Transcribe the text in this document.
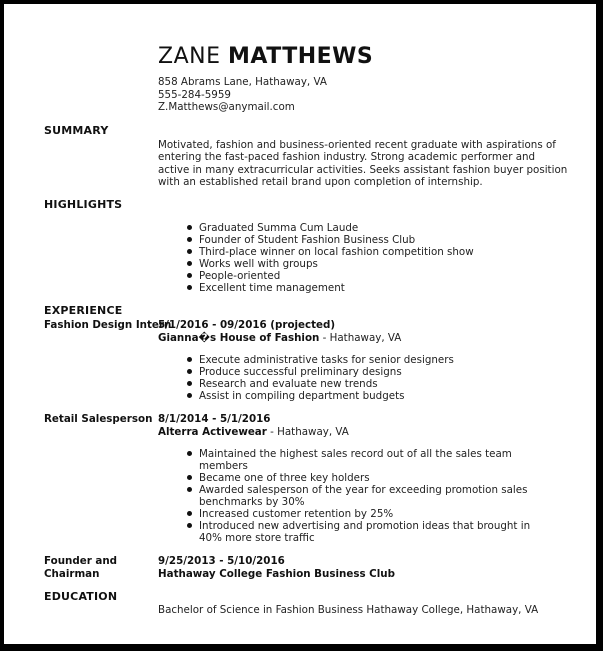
ZANE MATTHEWS
858 Abrams Lane, Hathaway, VA
555-284-5959
Z.Matthews@anymail.com
SUMMARY
Motivated, fashion and business-oriented recent graduate with aspirations of entering the fast-paced fashion industry. Strong academic performer and active in many extracurricular activities. Seeks assistant fashion buyer position with an established retail brand upon completion of internship.
HIGHLIGHTS
Graduated Summa Cum Laude
Founder of Student Fashion Business Club
Third-place winner on local fashion competition show
Works well with groups
People-oriented
Excellent time management
EXPERIENCE
Fashion Design Intern
5/1/2016 - 09/2016 (projected)
Gianna�s House of Fashion - Hathaway, VA
Execute administrative tasks for senior designers
Produce successful preliminary designs
Research and evaluate new trends
Assist in compiling department budgets
Retail Salesperson 8/1/2014 - 5/1/2016
Alterra Activewear - Hathaway, VA
Maintained the highest sales record out of all the sales team members
Became one of three key holders
Awarded salesperson of the year for exceeding promotion sales benchmarks by 30%
Increased customer retention by 25%
Introduced new advertising and promotion ideas that brought in 40% more store traffic
Founder and
Chairman
9/25/2013 - 5/10/2016
Hathaway College Fashion Business Club
EDUCATION
Bachelor of Science in Fashion Business Hathaway College, Hathaway, VA
